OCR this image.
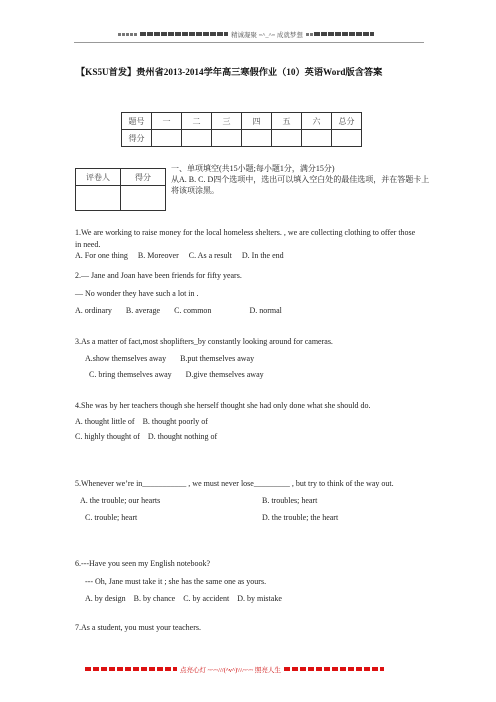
精诚凝聚 =^_^= 成就梦想
【KS5U首发】贵州省2013-2014学年高三寒假作业（10）英语Word版含答案
题号	一	二	三	四	五	六	总分
得分							
评卷人	得分

一、单项填空(共15小题;每小题1分，满分15分)
从A. B. C. D四个选项中，选出可以填入空白处的最佳选项，并在答题卡上将该项涂黑。

1.We are working to raise money for the local homeless shelters. , we are collecting clothing to offer those in need.

A. For one thing B. Moreover C. As a result D. In the end

2.— Jane and Joan have been friends for fifty years.

— No wonder they have such a lot in .

A. ordinary B. average C. common	D. normal

3.As a matter of fact,most shoplifters_by constantly looking around for cameras.

A.show themselves away B.put themselves away
C. bring themselves away D.give themselves away

4.She was by her teachers though she herself thought she had only done what she should do.

A. thought little of B. thought poorly of
C. highly thought of D. thought nothing of

5.Whenever we’re in___________ , we must never lose_________ , but try to think of the way out.

A. the trouble; our hearts	B. troubles; heart
C. trouble; heart	D. the trouble; the heart

6.---Have you seen my English notebook?

--- Oh, Jane must take it ; she has the same one as yours.

A. by design B. by chance C. by accident D. by mistake

7.As a student, you must your teachers.

点亮心灯 ~~~///(^v^)\\\~~~ 照亮人生
